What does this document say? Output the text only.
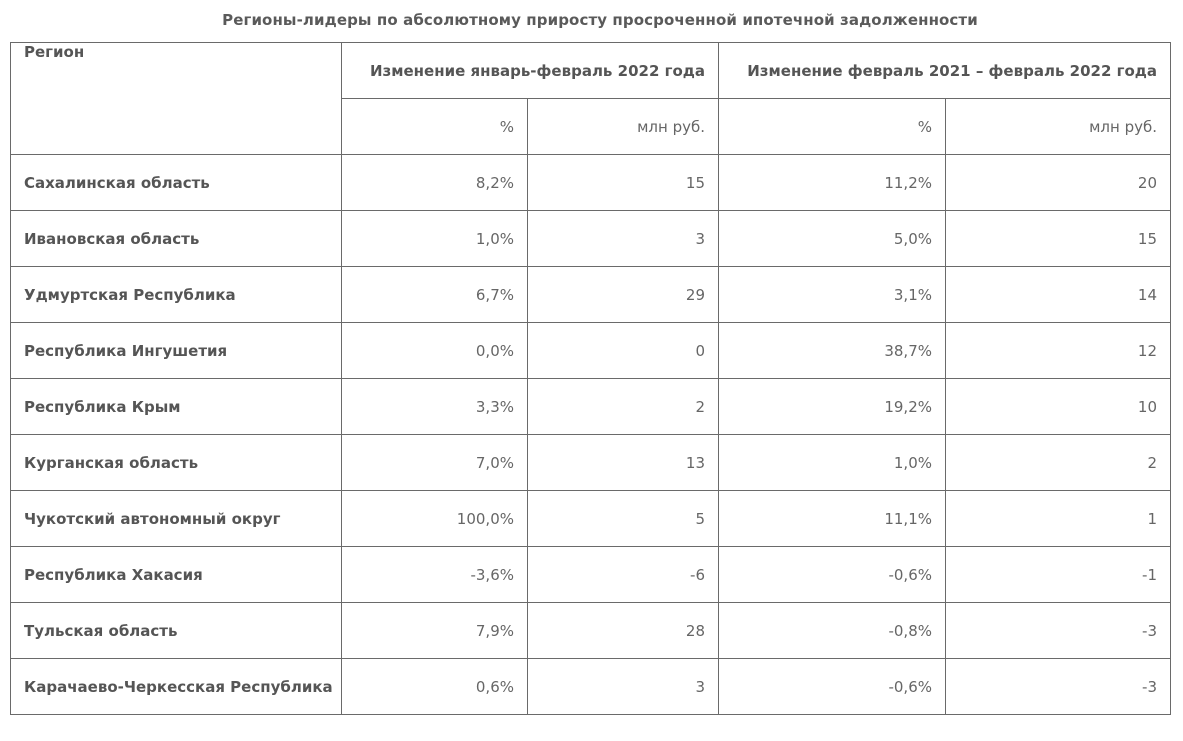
Регионы-лидеры по абсолютному приросту просроченной ипотечной задолженности
Регион	Изменение январь-февраль 2022 года		Изменение февраль 2021 – февраль 2022 года	
	%	млн руб.	%	млн руб.
Сахалинская область	8,2%	15	11,2%	20
Ивановская область	1,0%	3	5,0%	15
Удмуртская Республика	6,7%	29	3,1%	14
Республика Ингушетия	0,0%	0	38,7%	12
Республика Крым	3,3%	2	19,2%	10
Курганская область	7,0%	13	1,0%	2
Чукотский автономный округ	100,0%	5	11,1%	1
Республика Хакасия	-3,6%	-6	-0,6%	-1
Тульская область	7,9%	28	-0,8%	-3
Карачаево-Черкесская Республика	0,6%	3	-0,6%	-3
